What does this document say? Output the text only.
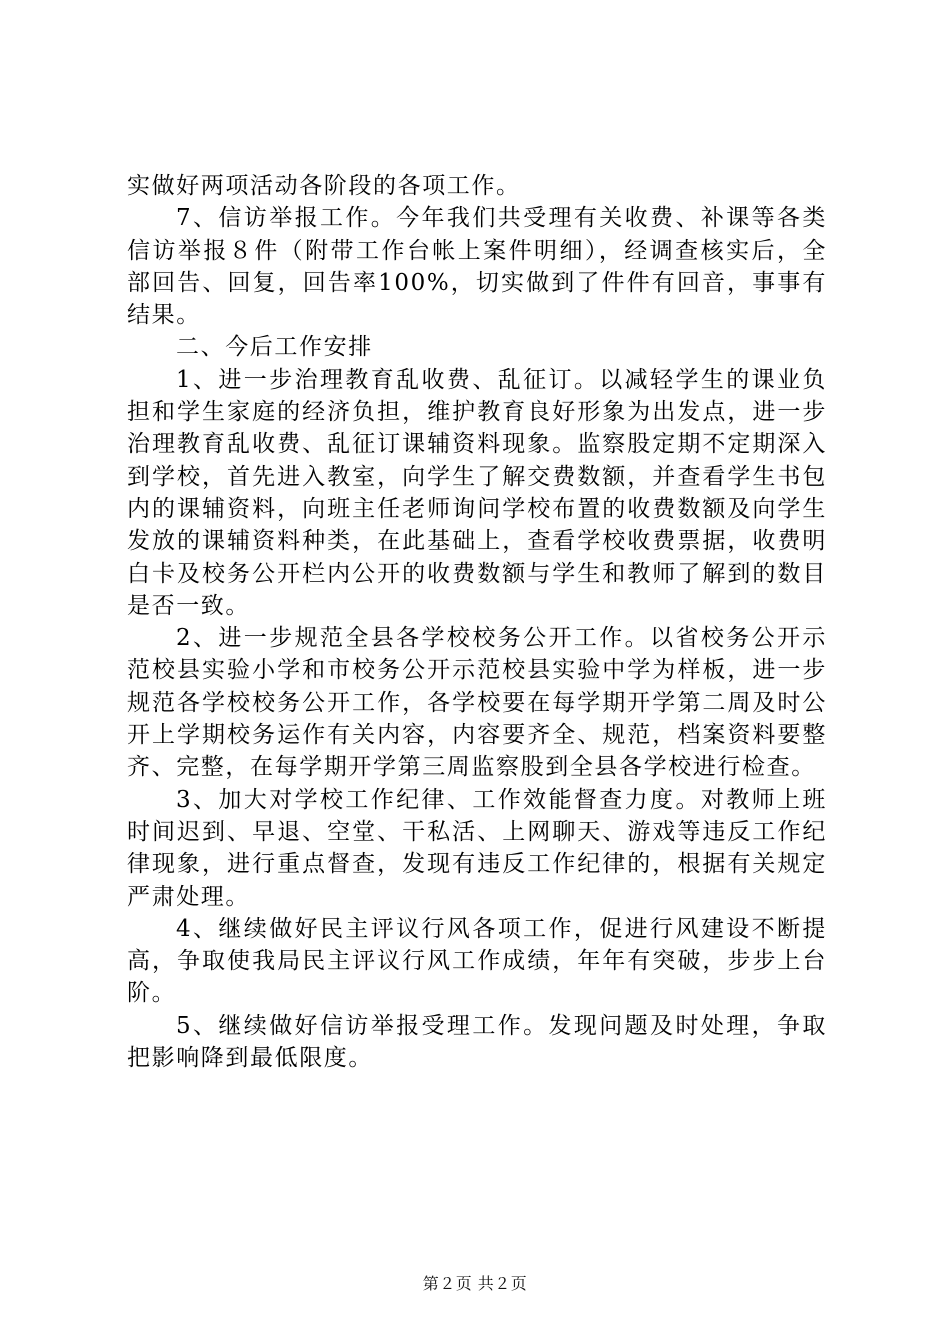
实做好两项活动各阶段的各项工作。

7、信访举报工作。今年我们共受理有关收费、补课等各类信访举报８件（附带工作台帐上案件明细），经调查核实后，全部回告、回复，回告率100%，切实做到了件件有回音，事事有结果。

二、今后工作安排

1、进一步治理教育乱收费、乱征订。以减轻学生的课业负担和学生家庭的经济负担，维护教育良好形象为出发点，进一步治理教育乱收费、乱征订课辅资料现象。监察股定期不定期深入到学校，首先进入教室，向学生了解交费数额，并查看学生书包内的课辅资料，向班主任老师询问学校布置的收费数额及向学生发放的课辅资料种类，在此基础上，查看学校收费票据，收费明白卡及校务公开栏内公开的收费数额与学生和教师了解到的数目是否一致。

2、进一步规范全县各学校校务公开工作。以省校务公开示范校县实验小学和市校务公开示范校县实验中学为样板，进一步规范各学校校务公开工作，各学校要在每学期开学第二周及时公开上学期校务运作有关内容，内容要齐全、规范，档案资料要整齐、完整，在每学期开学第三周监察股到全县各学校进行检查。

3、加大对学校工作纪律、工作效能督查力度。对教师上班时间迟到、早退、空堂、干私活、上网聊天、游戏等违反工作纪律现象，进行重点督查，发现有违反工作纪律的，根据有关规定严肃处理。

4、继续做好民主评议行风各项工作，促进行风建设不断提高，争取使我局民主评议行风工作成绩，年年有突破，步步上台阶。

5、继续做好信访举报受理工作。发现问题及时处理，争取把影响降到最低限度。

第２页 共２页
